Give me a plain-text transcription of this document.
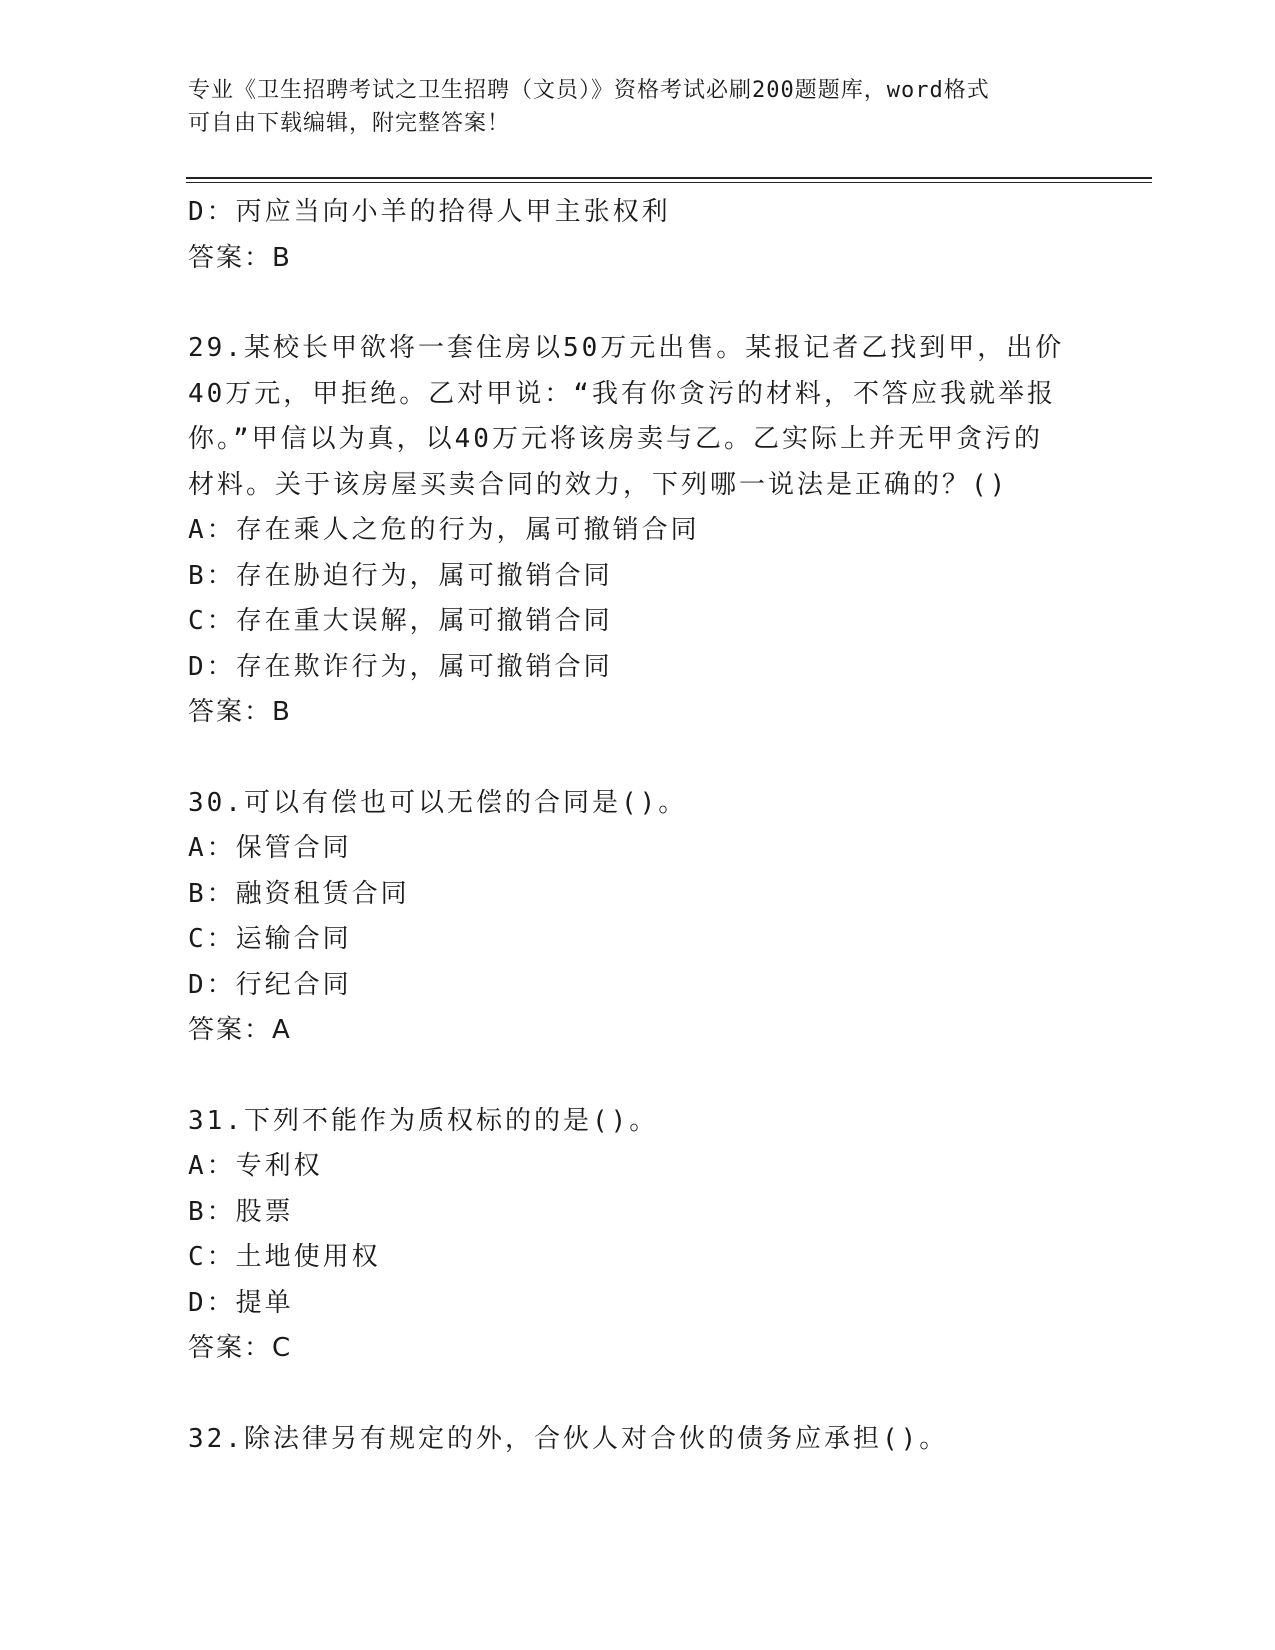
专业《卫生招聘考试之卫生招聘（文员）》资格考试必刷200题题库，word格式
可自由下载编辑，附完整答案！
D：丙应当向小羊的拾得人甲主张权利
答案：B
29.某校长甲欲将一套住房以50万元出售。某报记者乙找到甲，出价
40万元，甲拒绝。乙对甲说：“我有你贪污的材料，不答应我就举报
你。”甲信以为真，以40万元将该房卖与乙。乙实际上并无甲贪污的
材料。关于该房屋买卖合同的效力，下列哪一说法是正确的？()
A：存在乘人之危的行为，属可撤销合同
B：存在胁迫行为，属可撤销合同
C：存在重大误解，属可撤销合同
D：存在欺诈行为，属可撤销合同
答案：B
30.可以有偿也可以无偿的合同是()。
A：保管合同
B：融资租赁合同
C：运输合同
D：行纪合同
答案：A
31.下列不能作为质权标的的是()。
A：专利权
B：股票
C：土地使用权
D：提单
答案：C
32.除法律另有规定的外，合伙人对合伙的债务应承担()。
